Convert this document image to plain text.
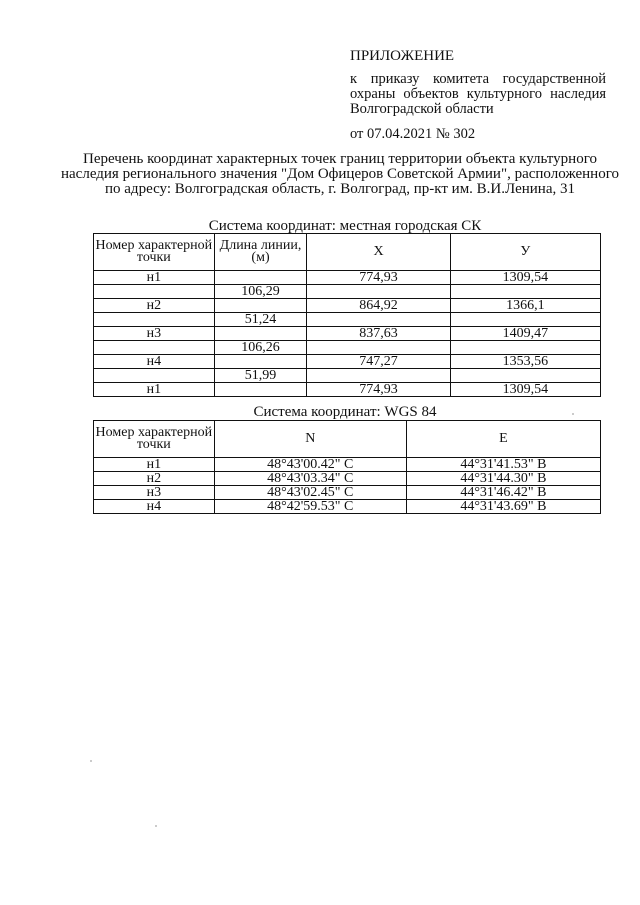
ПРИЛОЖЕНИЕ
к приказу комитета государственной охраны объектов культурного наследия Волгоградской области
от 07.04.2021 № 302
Перечень координат характерных точек границ территории объекта культурного наследия регионального значения "Дом Офицеров Советской Армии", расположенного по адресу: Волгоградская область, г. Волгоград, пр-кт им. В.И.Ленина, 31
Система координат: местная городская СК
Номер характерной точки	Длина линии, (м)	X	У
н1		774,93	1309,54
	106,29		
н2		864,92	1366,1
	51,24		
н3		837,63	1409,47
	106,26		
н4		747,27	1353,56
	51,99		
н1		774,93	1309,54
Система координат: WGS 84
Номер характерной точки	N	E
н1	48°43'00.42" С	44°31'41.53" В
н2	48°43'03.34" С	44°31'44.30" В
н3	48°43'02.45" С	44°31'46.42" В
н4	48°42'59.53" С	44°31'43.69" В
